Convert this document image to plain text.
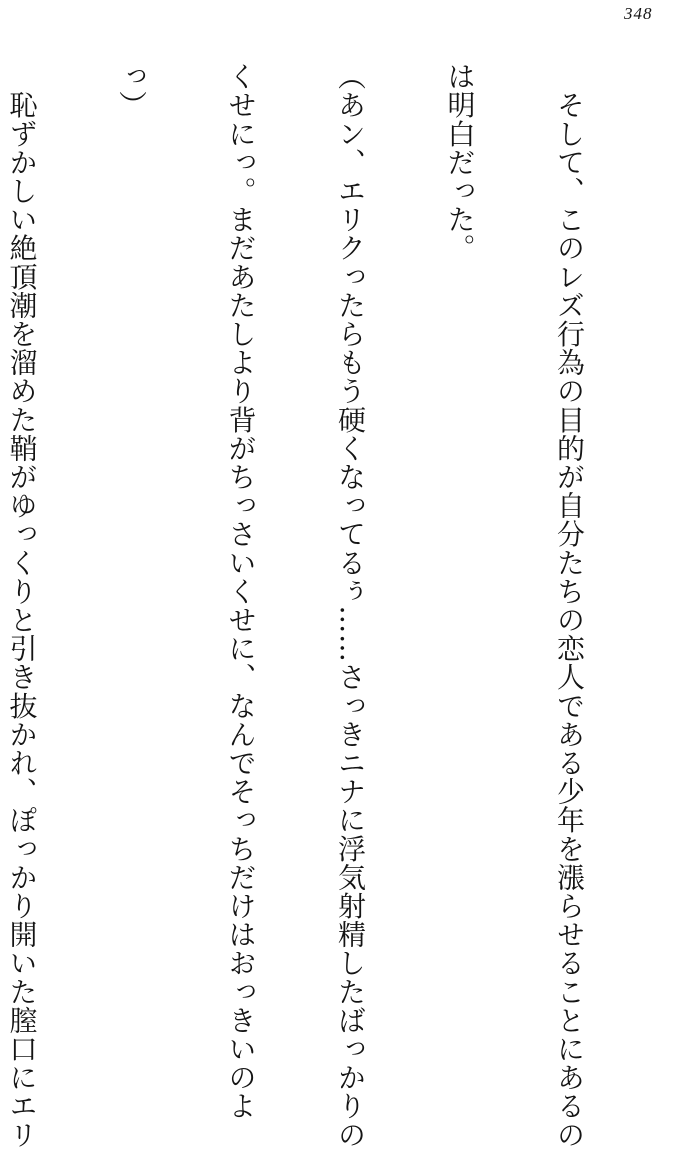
348

　そして、このレズ行為の目的が自分たちの恋人である少年を漲らせることにあるの

は明白だった。

（あン、エリクったらもう硬くなってるぅ……さっきニナに浮気射精したばっかりの

くせにっ。まだあたしより背がちっさいくせに、なんでそっちだけはおっきいのよ

っ）

　恥ずかしい絶頂潮を溜めた鞘がゆっくりと引き抜かれ、ぽっかり開いた膣口にエリ
